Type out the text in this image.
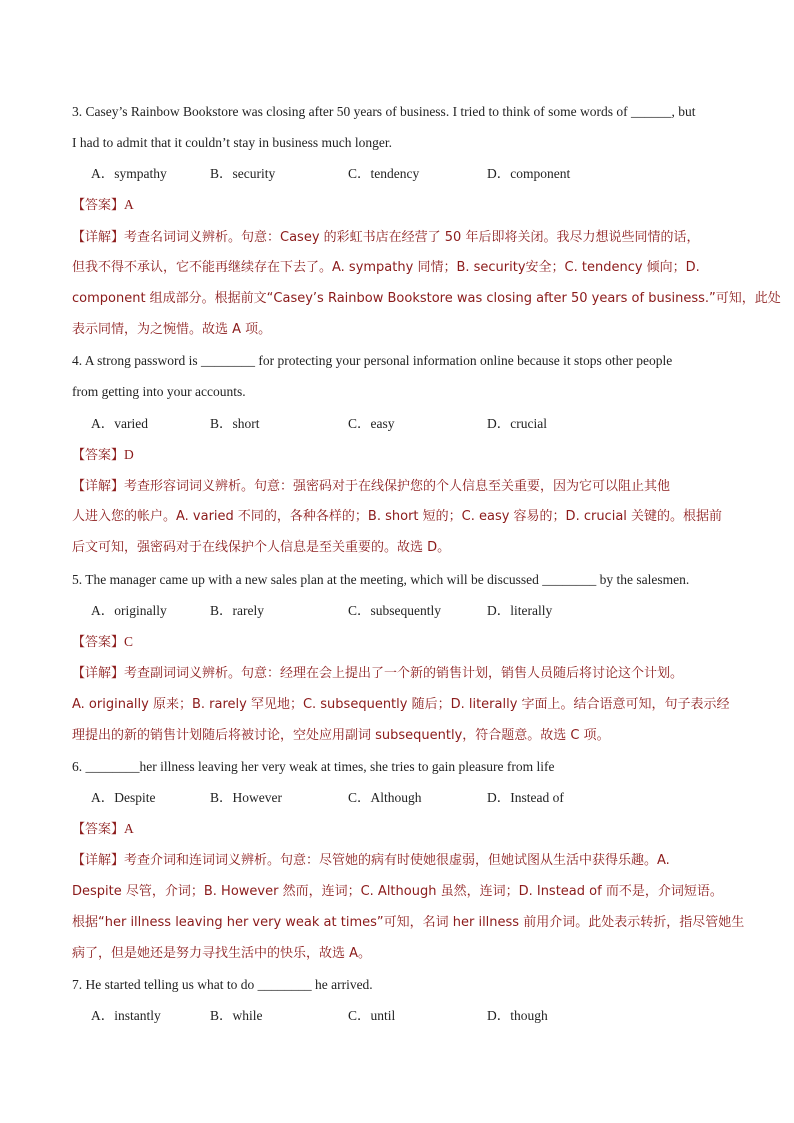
3. Casey’s Rainbow Bookstore was closing after 50 years of business. I tried to think of some words of ______, but
I had to admit that it couldn’t stay in business much longer.
A．sympathy	B．security	C．tendency	D．component
【答案】A
【详解】考查名词词义辨析。句意：Casey 的彩虹书店在经营了 50 年后即将关闭。我尽力想说些同情的话，
但我不得不承认，它不能再继续存在下去了。A. sympathy 同情；B. security安全；C. tendency 倾向；D.
component 组成部分。根据前文“Casey’s Rainbow Bookstore was closing after 50 years of business.”可知，此处
表示同情，为之惋惜。故选 A 项。
4. A strong password is ________ for protecting your personal information online because it stops other people
from getting into your accounts.
A．varied	B．short	C．easy	D．crucial
【答案】D
【详解】考查形容词词义辨析。句意：强密码对于在线保护您的个人信息至关重要，因为它可以阻止其他
人进入您的帐户。A. varied 不同的，各种各样的；B. short 短的；C. easy 容易的；D. crucial 关键的。根据前
后文可知，强密码对于在线保护个人信息是至关重要的。故选 D。
5. The manager came up with a new sales plan at the meeting, which will be discussed ________ by the salesmen.
A．originally	B．rarely	C．subsequently	D．literally
【答案】C
【详解】考查副词词义辨析。句意：经理在会上提出了一个新的销售计划，销售人员随后将讨论这个计划。
A. originally 原来；B. rarely 罕见地；C. subsequently 随后；D. literally 字面上。结合语意可知，句子表示经
理提出的新的销售计划随后将被讨论，空处应用副词 subsequently，符合题意。故选 C 项。
6. ________her illness leaving her very weak at times, she tries to gain pleasure from life
A．Despite	B．However	C．Although	D．Instead of
【答案】A
【详解】考查介词和连词词义辨析。句意：尽管她的病有时使她很虚弱，但她试图从生活中获得乐趣。A.
Despite 尽管，介词；B. However 然而，连词；C. Although 虽然，连词；D. Instead of 而不是，介词短语。
根据“her illness leaving her very weak at times”可知，名词 her illness 前用介词。此处表示转折，指尽管她生
病了，但是她还是努力寻找生活中的快乐，故选 A。
7. He started telling us what to do ________ he arrived.
A．instantly	B．while	C．until	D．though
